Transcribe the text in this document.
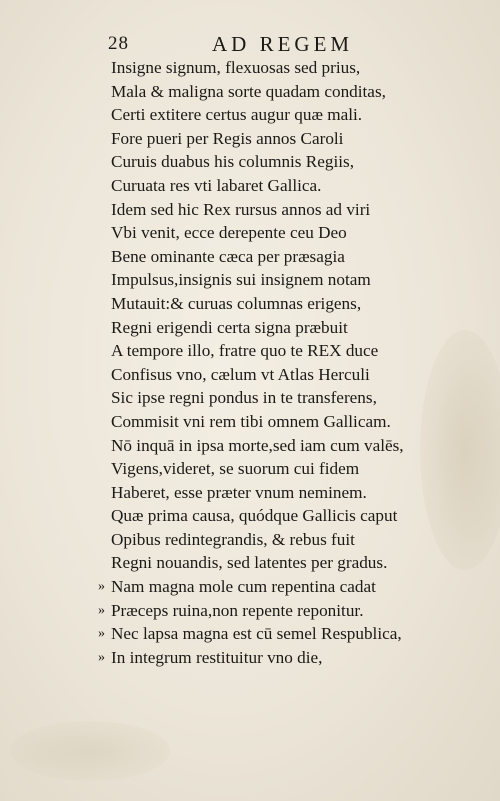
28	AD REGEM
Insigne signum, flexuosas sed prius,
Mala & maligna sorte quadam conditas,
Certi extitere certus augur quæ mali.
Fore pueri per Regis annos Caroli
Curuis duabus his columnis Regiis,
Curuata res vti labaret Gallica.
Idem sed hic Rex rursus annos ad viri
Vbi venit, ecce derepente ceu Deo
Bene ominante cæca per præsagia
Impulsus,insignis sui insignem notam
Mutauit:& curuas columnas erigens,
Regni erigendi certa signa præbuit
A tempore illo, fratre quo te REX duce
Confisus vno, cælum vt Atlas Herculi
Sic ipse regni pondus in te transferens,
Commisit vni rem tibi omnem Gallicam.
Nō inquā in ipsa morte,sed iam cum valēs,
Vigens,videret, se suorum cui fidem
Haberet, esse præter vnum neminem.
Quæ prima causa, quódque Gallicis caput
Opibus redintegrandis, & rebus fuit
Regni nouandis, sed latentes per gradus.
» Nam magna mole cum repentina cadat
» Præceps ruina,non repente reponitur.
» Nec lapsa magna est cū semel Respublica,
» In integrum restituitur vno die,
